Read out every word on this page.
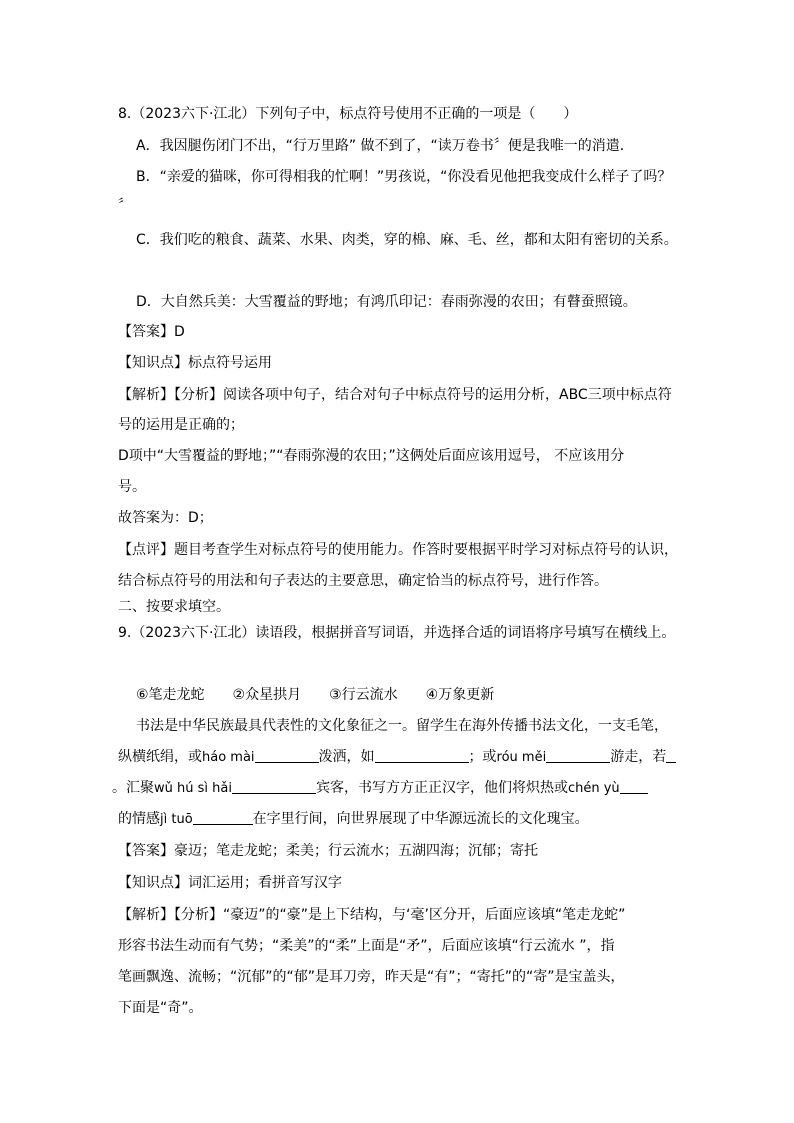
8.（2023六下·江北）下列句子中，标点符号使用不正确的一项是（　　）
A．我因腿伤闭门不出，“行万里路” 做不到了，“读万卷书〞便是我唯一的消遣．
B．“亲爱的猫咪，你可得相我的忙啊！”男孩说，“你没看见他把我变成什么样子了吗？
〞
C．我们吃的粮食、蔬菜、水果、肉类，穿的棉、麻、毛、丝，都和太阳有密切的关系。
D．大自然兵美：大雪覆益的野地；有鸿爪印记：春雨弥漫的农田；有瞽蚕照镜。
【答案】D
【知识点】标点符号运用
【解析】【分析】阅读各项中句子，结合对句子中标点符号的运用分析，ABC三项中标点符
号的运用是正确的；
D项中“大雪覆益的野地；”“春雨弥漫的农田；”这俩处后面应该用逗号， 不应该用分
号。
故答案为：D；
【点评】题目考查学生对标点符号的使用能力。作答时要根据平时学习对标点符号的认识，
结合标点符号的用法和句子表达的主要意思，确定恰当的标点符号，进行作答。
二、按要求填空。
9.（2023六下·江北）读语段，根据拼音写词语，并选择合适的词语将序号填写在横线上。
⑥笔走龙蛇　　②众星拱月　　③行云流水　　④万象更新
书法是中华民族最具代表性的文化象征之一。留学生在海外传播书法文化，一支毛笔，
纵横纸绢，或háo mài	泼洒，如	；或róu měi	游走，若
。汇聚wǔ hú sì hǎi	宾客，书写方方正正汉字，他们将炽热或chén yù
的情感jì tuō	在字里行间，向世界展现了中华源远流长的文化瑰宝。
【答案】豪迈；笔走龙蛇；柔美；行云流水；五湖四海；沉郁；寄托
【知识点】词汇运用；看拼音写汉字
【解析】【分析】“豪迈”的“豪”是上下结构，与‘毫’区分开，后面应该填“笔走龙蛇”
形容书法生动而有气势；“柔美”的“柔”上面是“矛”，后面应该填“行云流水 ”，指
笔画飘逸、流畅；“沉郁”的“郁”是耳刀旁，昨天是“有”；“寄托”的“寄”是宝盖头，
下面是“奇”。
